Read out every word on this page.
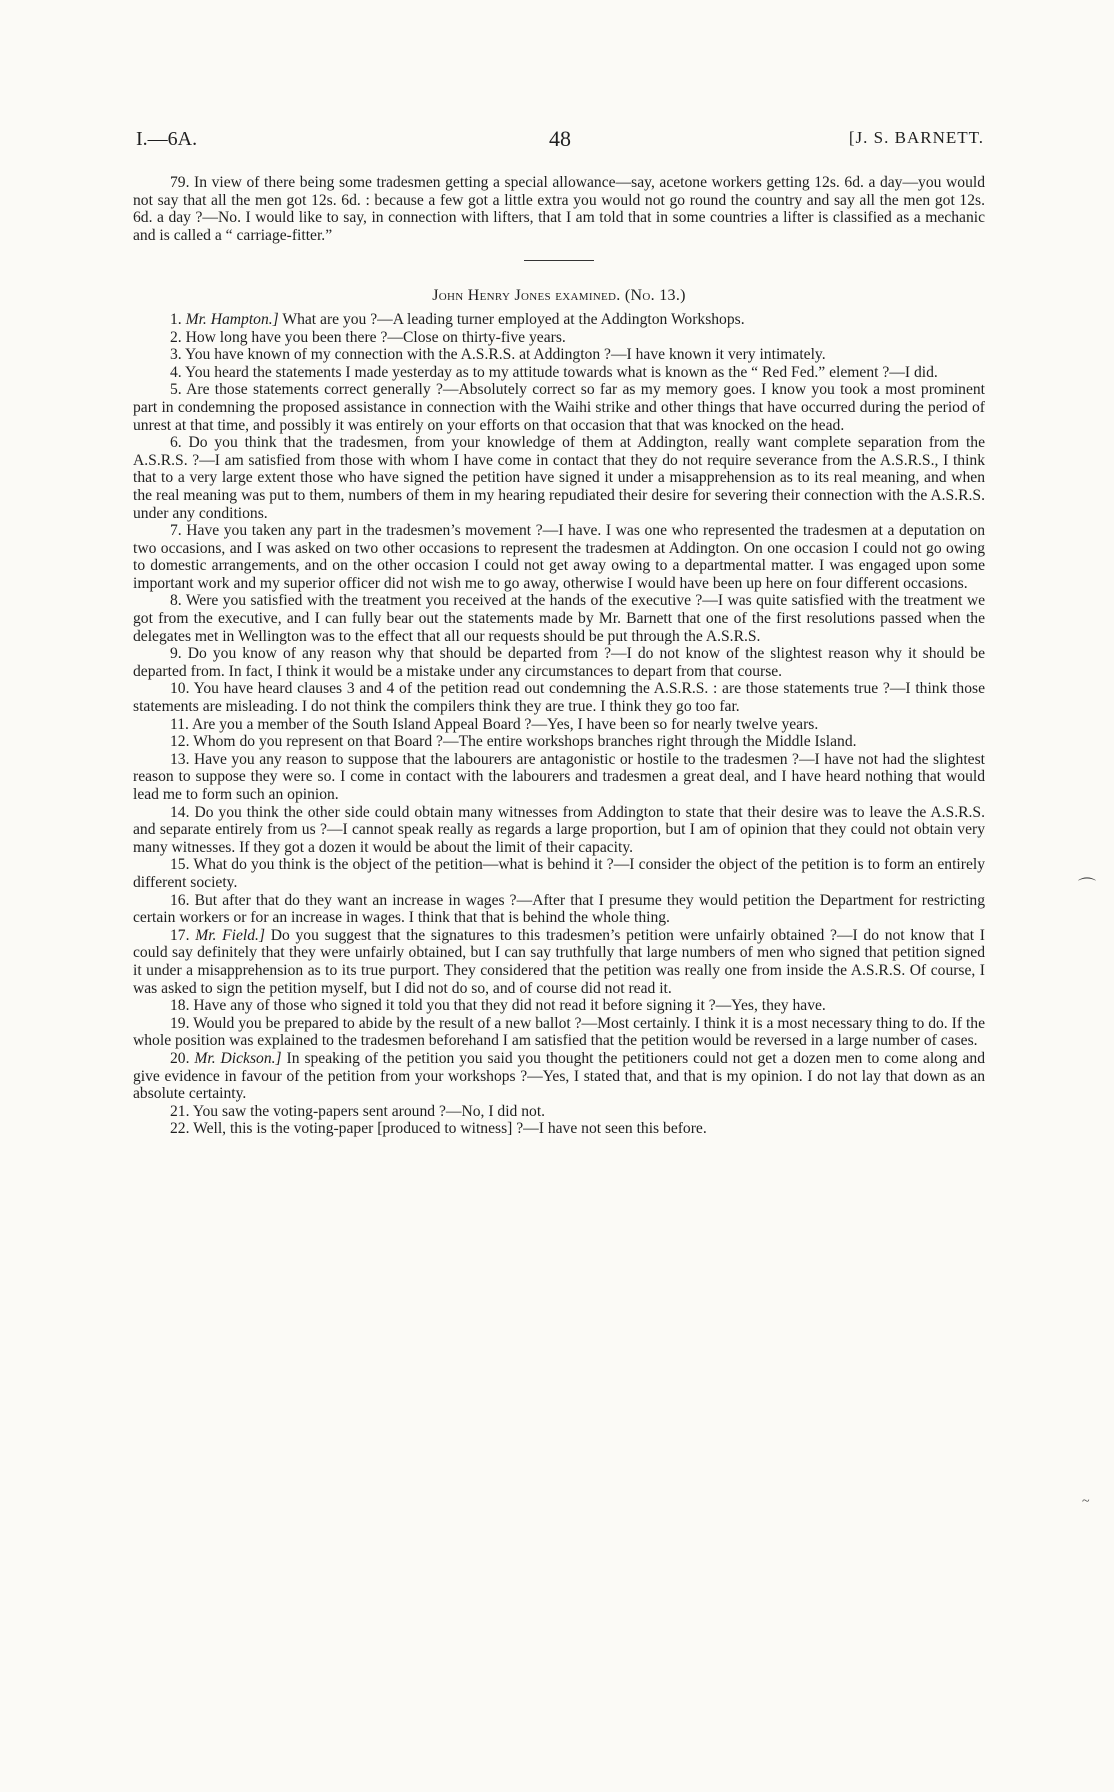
I.—6A.	48	[J. S. BARNETT.

79. In view of there being some tradesmen getting a special allowance—say, acetone workers getting 12s. 6d. a day—you would not say that all the men got 12s. 6d. : because a few got a little extra you would not go round the country and say all the men got 12s. 6d. a day ?—No. I would like to say, in connection with lifters, that I am told that in some countries a lifter is classified as a mechanic and is called a “ carriage-fitter.”

John Henry Jones examined. (No. 13.)

1. Mr. Hampton.] What are you ?—A leading turner employed at the Addington Workshops.

2. How long have you been there ?—Close on thirty-five years.

3. You have known of my connection with the A.S.R.S. at Addington ?—I have known it very intimately.

4. You heard the statements I made yesterday as to my attitude towards what is known as the “ Red Fed.” element ?—I did.

5. Are those statements correct generally ?—Absolutely correct so far as my memory goes. I know you took a most prominent part in condemning the proposed assistance in connection with the Waihi strike and other things that have occurred during the period of unrest at that time, and possibly it was entirely on your efforts on that occasion that that was knocked on the head.

6. Do you think that the tradesmen, from your knowledge of them at Addington, really want complete separation from the A.S.R.S. ?—I am satisfied from those with whom I have come in contact that they do not require severance from the A.S.R.S., I think that to a very large extent those who have signed the petition have signed it under a misapprehension as to its real meaning, and when the real meaning was put to them, numbers of them in my hearing repudiated their desire for severing their connection with the A.S.R.S. under any conditions.

7. Have you taken any part in the tradesmen’s movement ?—I have. I was one who represented the tradesmen at a deputation on two occasions, and I was asked on two other occasions to represent the tradesmen at Addington. On one occasion I could not go owing to domestic arrangements, and on the other occasion I could not get away owing to a departmental matter. I was engaged upon some important work and my superior officer did not wish me to go away, otherwise I would have been up here on four different occasions.

8. Were you satisfied with the treatment you received at the hands of the executive ?—I was quite satisfied with the treatment we got from the executive, and I can fully bear out the statements made by Mr. Barnett that one of the first resolutions passed when the delegates met in Wellington was to the effect that all our requests should be put through the A.S.R.S.

9. Do you know of any reason why that should be departed from ?—I do not know of the slightest reason why it should be departed from. In fact, I think it would be a mistake under any circumstances to depart from that course.

10. You have heard clauses 3 and 4 of the petition read out condemning the A.S.R.S. : are those statements true ?—I think those statements are misleading. I do not think the compilers think they are true. I think they go too far.

11. Are you a member of the South Island Appeal Board ?—Yes, I have been so for nearly twelve years.

12. Whom do you represent on that Board ?—The entire workshops branches right through the Middle Island.

13. Have you any reason to suppose that the labourers are antagonistic or hostile to the tradesmen ?—I have not had the slightest reason to suppose they were so. I come in contact with the labourers and tradesmen a great deal, and I have heard nothing that would lead me to form such an opinion.

14. Do you think the other side could obtain many witnesses from Addington to state that their desire was to leave the A.S.R.S. and separate entirely from us ?—I cannot speak really as regards a large proportion, but I am of opinion that they could not obtain very many witnesses. If they got a dozen it would be about the limit of their capacity.

15. What do you think is the object of the petition—what is behind it ?—I consider the object of the petition is to form an entirely different society.

16. But after that do they want an increase in wages ?—After that I presume they would petition the Department for restricting certain workers or for an increase in wages. I think that that is behind the whole thing.

17. Mr. Field.] Do you suggest that the signatures to this tradesmen’s petition were unfairly obtained ?—I do not know that I could say definitely that they were unfairly obtained, but I can say truthfully that large numbers of men who signed that petition signed it under a misapprehension as to its true purport. They considered that the petition was really one from inside the A.S.R.S. Of course, I was asked to sign the petition myself, but I did not do so, and of course did not read it.

18. Have any of those who signed it told you that they did not read it before signing it ?—Yes, they have.

19. Would you be prepared to abide by the result of a new ballot ?—Most certainly. I think it is a most necessary thing to do. If the whole position was explained to the tradesmen beforehand I am satisfied that the petition would be reversed in a large number of cases.

20. Mr. Dickson.] In speaking of the petition you said you thought the petitioners could not get a dozen men to come along and give evidence in favour of the petition from your workshops ?—Yes, I stated that, and that is my opinion. I do not lay that down as an absolute certainty.

21. You saw the voting-papers sent around ?—No, I did not.

22. Well, this is the voting-paper [produced to witness] ?—I have not seen this before.

⌒
~
